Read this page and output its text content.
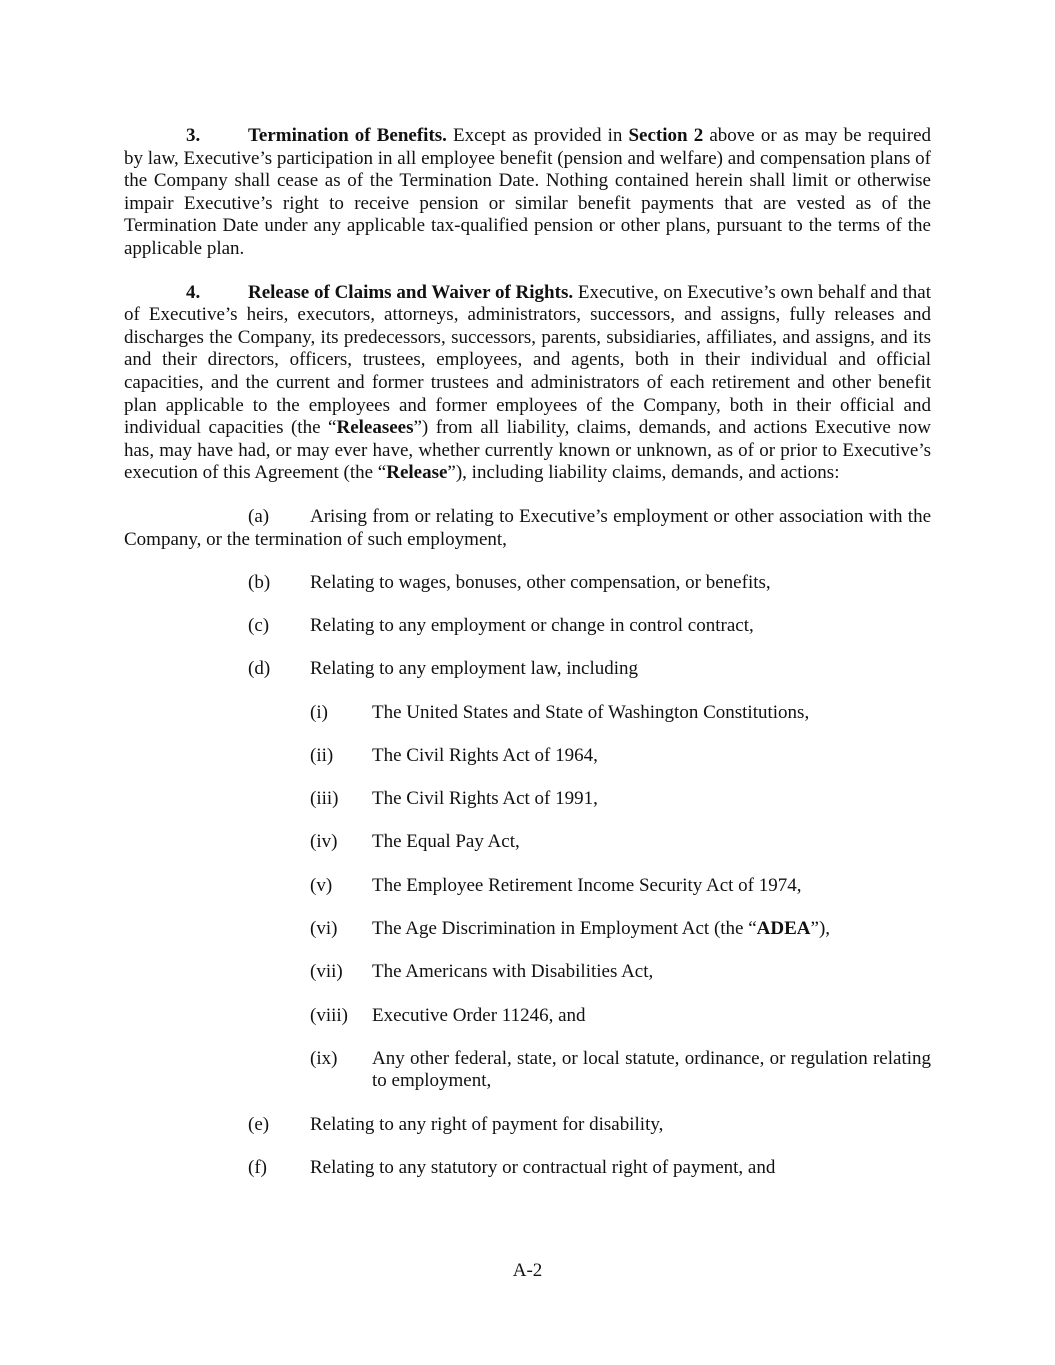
3.	Termination of Benefits. Except as provided in Section 2 above or as may be required by law, Executive’s participation in all employee benefit (pension and welfare) and compensation plans of the Company shall cease as of the Termination Date. Nothing contained herein shall limit or otherwise impair Executive’s right to receive pension or similar benefit payments that are vested as of the Termination Date under any applicable tax-qualified pension or other plans, pursuant to the terms of the applicable plan.

4.	Release of Claims and Waiver of Rights. Executive, on Executive’s own behalf and that of Executive’s heirs, executors, attorneys, administrators, successors, and assigns, fully releases and discharges the Company, its predecessors, successors, parents, subsidiaries, affiliates, and assigns, and its and their directors, officers, trustees, employees, and agents, both in their individual and official capacities, and the current and former trustees and administrators of each retirement and other benefit plan applicable to the employees and former employees of the Company, both in their official and individual capacities (the “Releasees”) from all liability, claims, demands, and actions Executive now has, may have had, or may ever have, whether currently known or unknown, as of or prior to Executive’s execution of this Agreement (the “Release”), including liability claims, demands, and actions:

(a) Arising from or relating to Executive’s employment or other association with the Company, or the termination of such employment,

(b) Relating to wages, bonuses, other compensation, or benefits,
(c) Relating to any employment or change in control contract,
(d) Relating to any employment law, including
(i) The United States and State of Washington Constitutions,
(ii) The Civil Rights Act of 1964,
(iii) The Civil Rights Act of 1991,
(iv) The Equal Pay Act,
(v) The Employee Retirement Income Security Act of 1974,
(vi) The Age Discrimination in Employment Act (the “ADEA”),
(vii) The Americans with Disabilities Act,
(viii) Executive Order 11246, and
(ix) Any other federal, state, or local statute, ordinance, or regulation relating to employment,
(e) Relating to any right of payment for disability,
(f) Relating to any statutory or contractual right of payment, and
A-2
